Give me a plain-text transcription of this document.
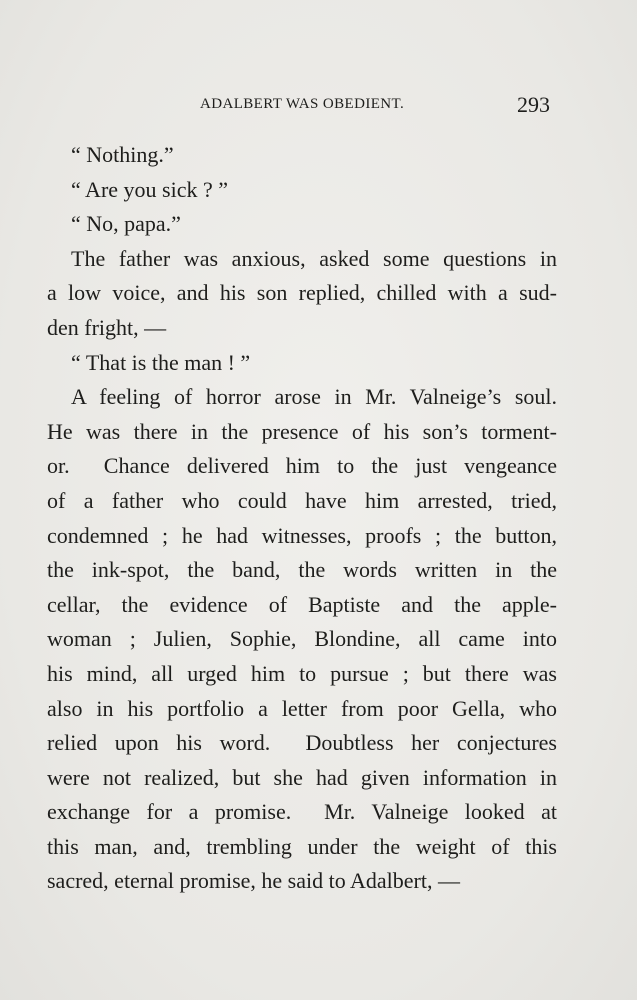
ADALBERT WAS OBEDIENT.	293

“ Nothing.”

“ Are you sick ? ”

“ No, papa.”

The father was anxious, asked some questions in
a low voice, and his son replied, chilled with a sud-
den fright, —

“ That is the man ! ”

A feeling of horror arose in Mr. Valneige’s soul.
He was there in the presence of his son’s torment-
or.  Chance delivered him to the just vengeance
of a father who could have him arrested, tried,
condemned ; he had witnesses, proofs ; the button,
the ink-spot, the band, the words written in the
cellar, the evidence of Baptiste and the apple-
woman ; Julien, Sophie, Blondine, all came into
his mind, all urged him to pursue ; but there was
also in his portfolio a letter from poor Gella, who
relied upon his word.  Doubtless her conjectures
were not realized, but she had given information in
exchange for a promise.  Mr. Valneige looked at
this man, and, trembling under the weight of this
sacred, eternal promise, he said to Adalbert, —
